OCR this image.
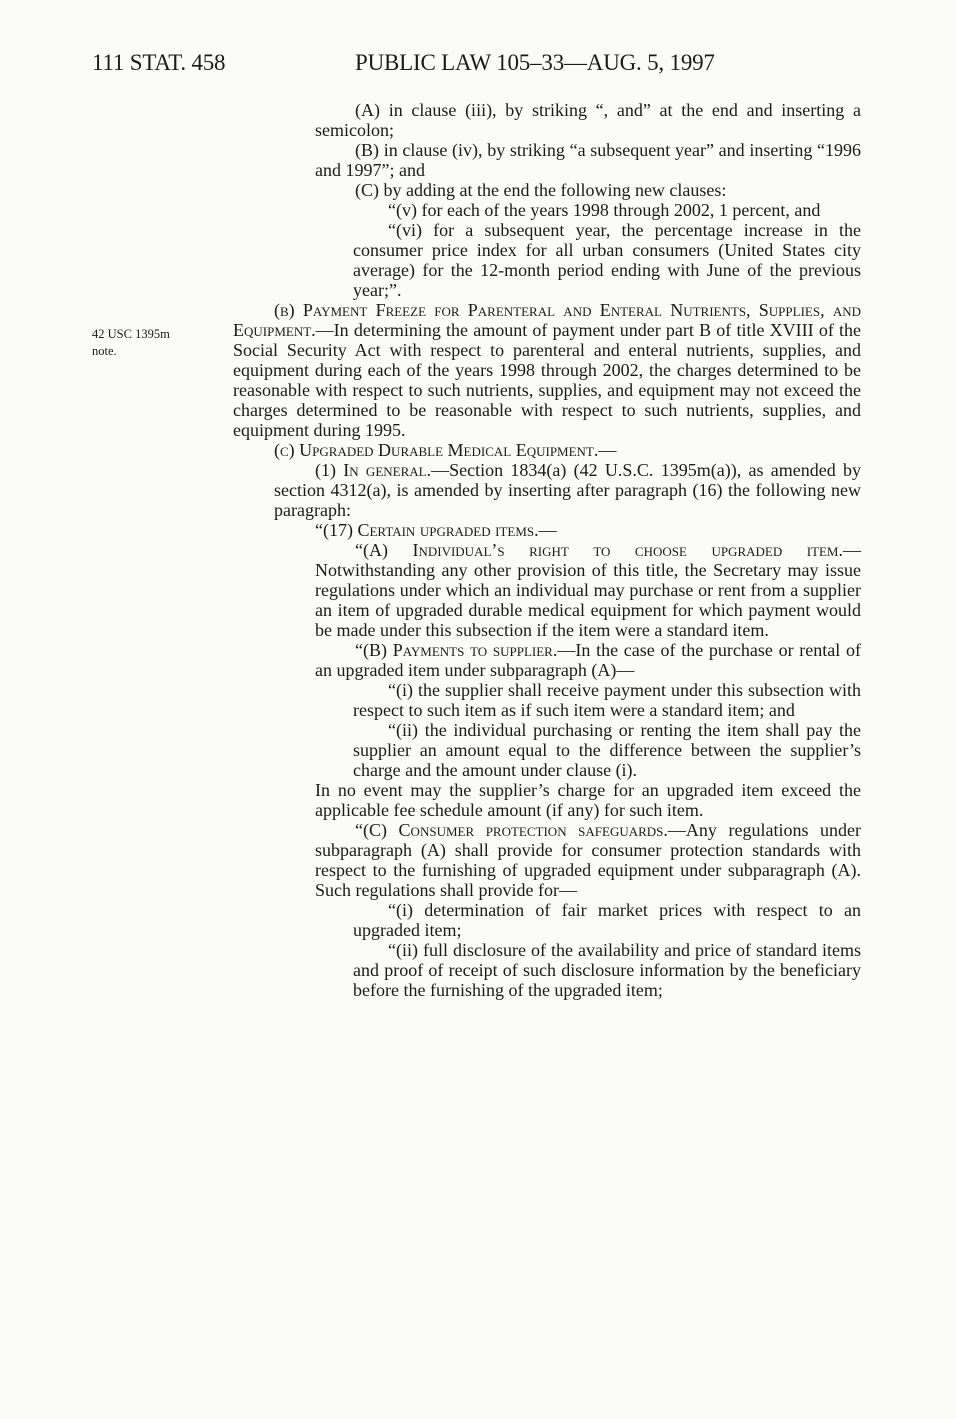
111 STAT. 458	PUBLIC LAW 105–33—AUG. 5, 1997
42 USC 1395m
note.

(A) in clause (iii), by striking “, and” at the end and inserting a semicolon;

(B) in clause (iv), by striking “a subsequent year” and inserting “1996 and 1997”; and

(C) by adding at the end the following new clauses:

“(v) for each of the years 1998 through 2002, 1 percent, and

“(vi) for a subsequent year, the percentage increase in the consumer price index for all urban consumers (United States city average) for the 12-month period ending with June of the previous year;”.

(b) Payment Freeze for Parenteral and Enteral Nutrients, Supplies, and Equipment.—In determining the amount of payment under part B of title XVIII of the Social Security Act with respect to parenteral and enteral nutrients, supplies, and equipment during each of the years 1998 through 2002, the charges determined to be reasonable with respect to such nutrients, supplies, and equipment may not exceed the charges determined to be reasonable with respect to such nutrients, supplies, and equipment during 1995.

(c) Upgraded Durable Medical Equipment.—

(1) In general.—Section 1834(a) (42 U.S.C. 1395m(a)), as amended by section 4312(a), is amended by inserting after paragraph (16) the following new paragraph:

“(17) Certain upgraded items.—

“(A) Individual’s right to choose upgraded item.— Notwithstanding any other provision of this title, the Secretary may issue regulations under which an individual may purchase or rent from a supplier an item of upgraded durable medical equipment for which payment would be made under this subsection if the item were a standard item.

“(B) Payments to supplier.—In the case of the purchase or rental of an upgraded item under subparagraph (A)—

“(i) the supplier shall receive payment under this subsection with respect to such item as if such item were a standard item; and

“(ii) the individual purchasing or renting the item shall pay the supplier an amount equal to the difference between the supplier’s charge and the amount under clause (i).

In no event may the supplier’s charge for an upgraded item exceed the applicable fee schedule amount (if any) for such item.

“(C) Consumer protection safeguards.—Any regulations under subparagraph (A) shall provide for consumer protection standards with respect to the furnishing of upgraded equipment under subparagraph (A). Such regulations shall provide for—

“(i) determination of fair market prices with respect to an upgraded item;

“(ii) full disclosure of the availability and price of standard items and proof of receipt of such disclosure information by the beneficiary before the furnishing of the upgraded item;
